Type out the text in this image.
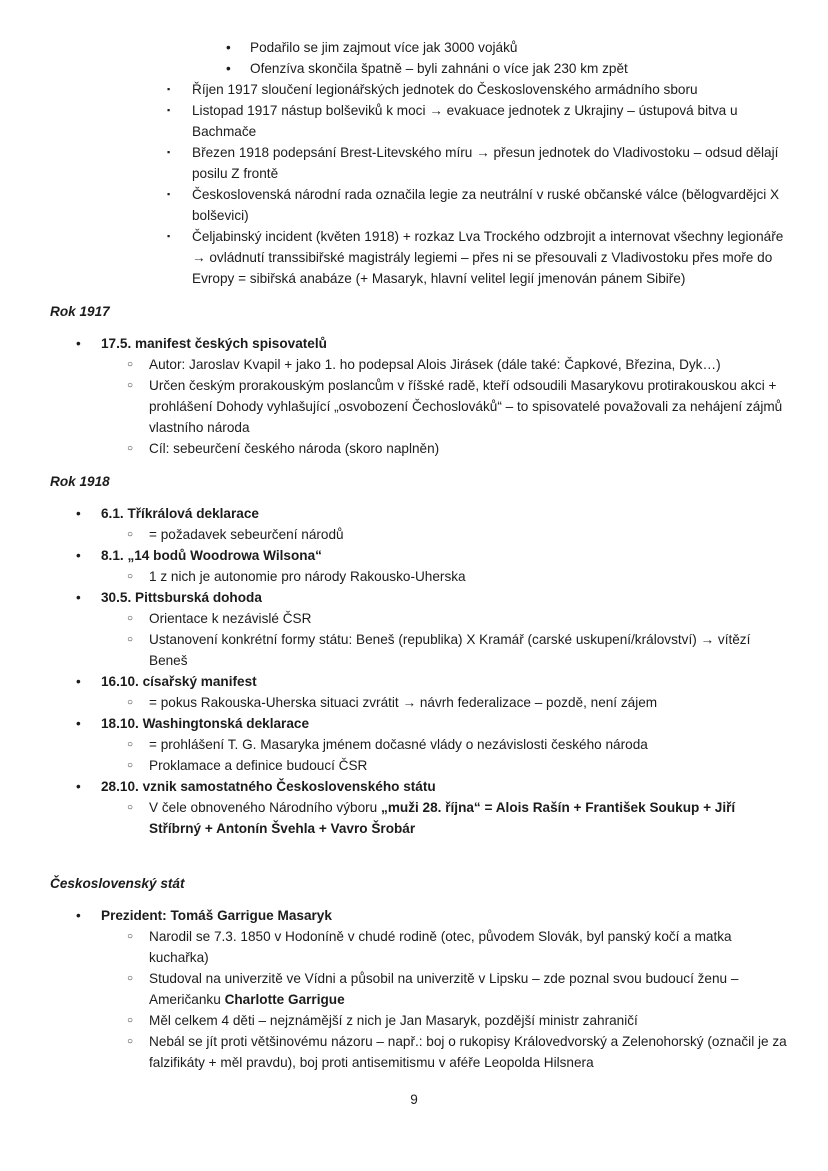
• Podařilo se jim zajmout více jak 3000 vojáků
• Ofenzíva skončila špatně – byli zahnáni o více jak 230 km zpět
▪ Říjen 1917 sloučení legionářských jednotek do Československého armádního sboru
▪ Listopad 1917 nástup bolševiků k moci → evakuace jednotek z Ukrajiny – ústupová bitva u Bachmače
▪ Březen 1918 podepsání Brest-Litevského míru → přesun jednotek do Vladivostoku – odsud dělají posilu Z frontě
▪ Československá národní rada označila legie za neutrální v ruské občanské válce (bělogvardějci X bolševici)
▪ Čeljabinský incident (květen 1918) + rozkaz Lva Trockého odzbrojit a internovat všechny legionáře → ovládnutí transsibiřské magistrály legiemi – přes ni se přesouvali z Vladivostoku přes moře do Evropy = sibiřská anabáze (+ Masaryk, hlavní velitel legií jmenován pánem Sibiře)
Rok 1917
• 17.5. manifest českých spisovatelů
○ Autor: Jaroslav Kvapil + jako 1. ho podepsal Alois Jirásek (dále také: Čapkové, Březina, Dyk…)
○ Určen českým prorakouským poslancům v říšské radě, kteří odsoudili Masarykovu protirakouskou akci + prohlášení Dohody vyhlašující „osvobození Čechoslováků“ – to spisovatelé považovali za nehájení zájmů vlastního národa
○ Cíl: sebeurčení českého národa (skoro naplněn)
Rok 1918
• 6.1. Tříkrálová deklarace
○ = požadavek sebeurčení národů
• 8.1. „14 bodů Woodrowa Wilsona“
○ 1 z nich je autonomie pro národy Rakousko-Uherska
• 30.5. Pittsburská dohoda
○ Orientace k nezávislé ČSR
○ Ustanovení konkrétní formy státu: Beneš (republika) X Kramář (carské uskupení/království) → vítězí Beneš
• 16.10. císařský manifest
○ = pokus Rakouska-Uherska situaci zvrátit → návrh federalizace – pozdě, není zájem
• 18.10. Washingtonská deklarace
○ = prohlášení T. G. Masaryka jménem dočasné vlády o nezávislosti českého národa
○ Proklamace a definice budoucí ČSR
• 28.10. vznik samostatného Československého státu
○ V čele obnoveného Národního výboru „muži 28. října“ = Alois Rašín + František Soukup + Jiří Stříbrný + Antonín Švehla + Vavro Šrobár
Československý stát
• Prezident: Tomáš Garrigue Masaryk
○ Narodil se 7.3. 1850 v Hodoníně v chudé rodině (otec, původem Slovák, byl panský kočí a matka kuchařka)
○ Studoval na univerzitě ve Vídni a působil na univerzitě v Lipsku – zde poznal svou budoucí ženu – Američanku Charlotte Garrigue
○ Měl celkem 4 děti – nejznámější z nich je Jan Masaryk, pozdější ministr zahraničí
○ Nebál se jít proti většinovému názoru – např.: boj o rukopisy Královedvorský a Zelenohorský (označil je za falzifikáty + měl pravdu), boj proti antisemitismu v aféře Leopolda Hilsnera
9
